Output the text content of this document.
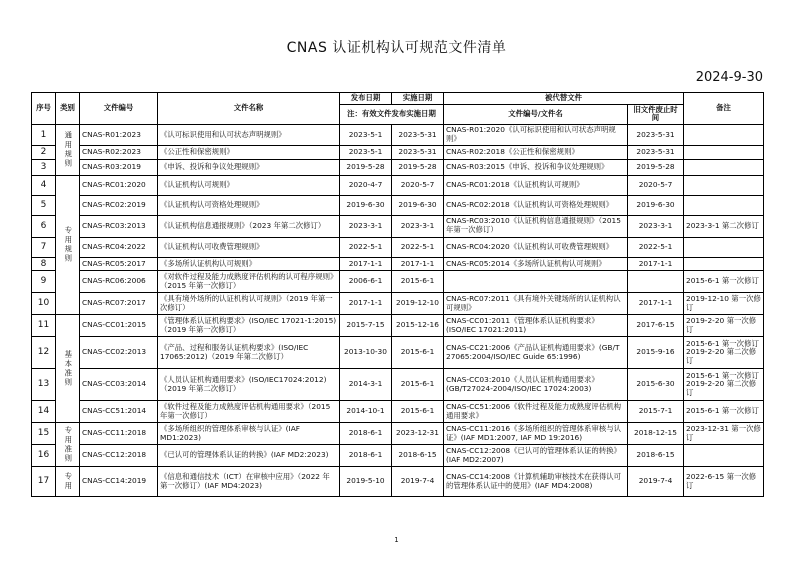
CNAS 认证机构认可规范文件清单
2024-9-30
序号	类别	文件编号	文件名称	发布日期	实施日期	被代替文件		备注
				注：有效文件发布实施日期		文件编号/文件名	旧文件废止时间	
1	通用规则	CNAS-R01:2023	《认可标识使用和认可状态声明规则》	2023-5-1	2023-5-31	CNAS-R01:2020《认可标识使用和认可状态声明规则》	2023-5-31	
2		CNAS-R02:2023	《公正性和保密规则》	2023-5-1	2023-5-31	CNAS-R02:2018《公正性和保密规则》	2023-5-31	
3		CNAS-R03:2019	《申诉、投诉和争议处理规则》	2019-5-28	2019-5-28	CNAS-R03:2015《申诉、投诉和争议处理规则》	2019-5-28	
4	专用规则	CNAS-RC01:2020	《认证机构认可规则》	2020-4-7	2020-5-7	CNAS-RC01:2018《认证机构认可规则》	2020-5-7	
5		CNAS-RC02:2019	《认证机构认可资格处理规则》	2019-6-30	2019-6-30	CNAS-RC02:2018《认证机构认可资格处理规则》	2019-6-30	
6		CNAS-RC03:2013	《认证机构信息通报规则》（2023 年第二次修订）	2023-3-1	2023-3-1	CNAS-RC03:2010《认证机构信息通报规则》（2015 年第一次修订）	2023-3-1	2023-3-1 第二次修订
7		CNAS-RC04:2022	《认证机构认可收费管理规则》	2022-5-1	2022-5-1	CNAS-RC04:2020《认证机构认可收费管理规则》	2022-5-1	
8		CNAS-RC05:2017	《多场所认证机构认可规则》	2017-1-1	2017-1-1	CNAS-RC05:2014《多场所认证机构认可规则》	2017-1-1	
9		CNAS-RC06:2006	《对软件过程及能力成熟度评估机构的认可程序规则》（2015 年第一次修订）	2006-6-1	2015-6-1			2015-6-1 第一次修订
10		CNAS-RC07:2017	《具有境外场所的认证机构认可规则》（2019 年第一次修订）	2017-1-1	2019-12-10	CNAS-RC07:2011《具有境外关键场所的认证机构认可规则》	2017-1-1	2019-12-10 第一次修订
11	基本准则	CNAS-CC01:2015	《管理体系认证机构要求》(ISO/IEC 17021-1:2015)（2019 年第一次修订）	2015-7-15	2015-12-16	CNAS-CC01:2011《管理体系认证机构要求》(ISO/IEC 17021:2011)	2017-6-15	2019-2-20 第一次修订
12		CNAS-CC02:2013	《产品、过程和服务认证机构要求》(ISO/IEC 17065:2012)（2019 年第二次修订）	2013-10-30	2015-6-1	CNAS-CC21:2006《产品认证机构通用要求》(GB/T 27065:2004/ISO/IEC Guide 65:1996)	2015-9-16	2015-6-1 第一次修订 2019-2-20 第二次修订
13		CNAS-CC03:2014	《人员认证机构通用要求》(ISO/IEC17024:2012)（2019 年第二次修订）	2014-3-1	2015-6-1	CNAS-CC03:2010《人员认证机构通用要求》(GB/T27024-2004/ISO/IEC 17024:2003)	2015-6-30	2015-6-1 第一次修订 2019-2-20 第二次修订
14		CNAS-CC51:2014	《软件过程及能力成熟度评估机构通用要求》（2015 年第一次修订）	2014-10-1	2015-6-1	CNAS-CC51:2006《软件过程及能力成熟度评估机构通用要求》	2015-7-1	2015-6-1 第一次修订
15	专用准则	CNAS-CC11:2018	《多场所组织的管理体系审核与认证》(IAF MD1:2023)	2018-6-1	2023-12-31	CNAS-CC11:2016《多场所组织的管理体系审核与认证》(IAF MD1:2007, IAF MD 19:2016)	2018-12-15	2023-12-31 第一次修订
16		CNAS-CC12:2018	《已认可的管理体系认证的转换》(IAF MD2:2023)	2018-6-1	2018-6-15	CNAS-CC12:2008《已认可的管理体系认证的转换》(IAF MD2:2007)	2018-6-15	
17	专用	CNAS-CC14:2019	《信息和通信技术（ICT）在审核中应用》（2022 年第一次修订）(IAF MD4:2023)	2019-5-10	2019-7-4	CNAS-CC14:2008《计算机辅助审核技术在获得认可的管理体系认证中的使用》(IAF MD4:2008)	2019-7-4	2022-6-15 第一次修订
1
